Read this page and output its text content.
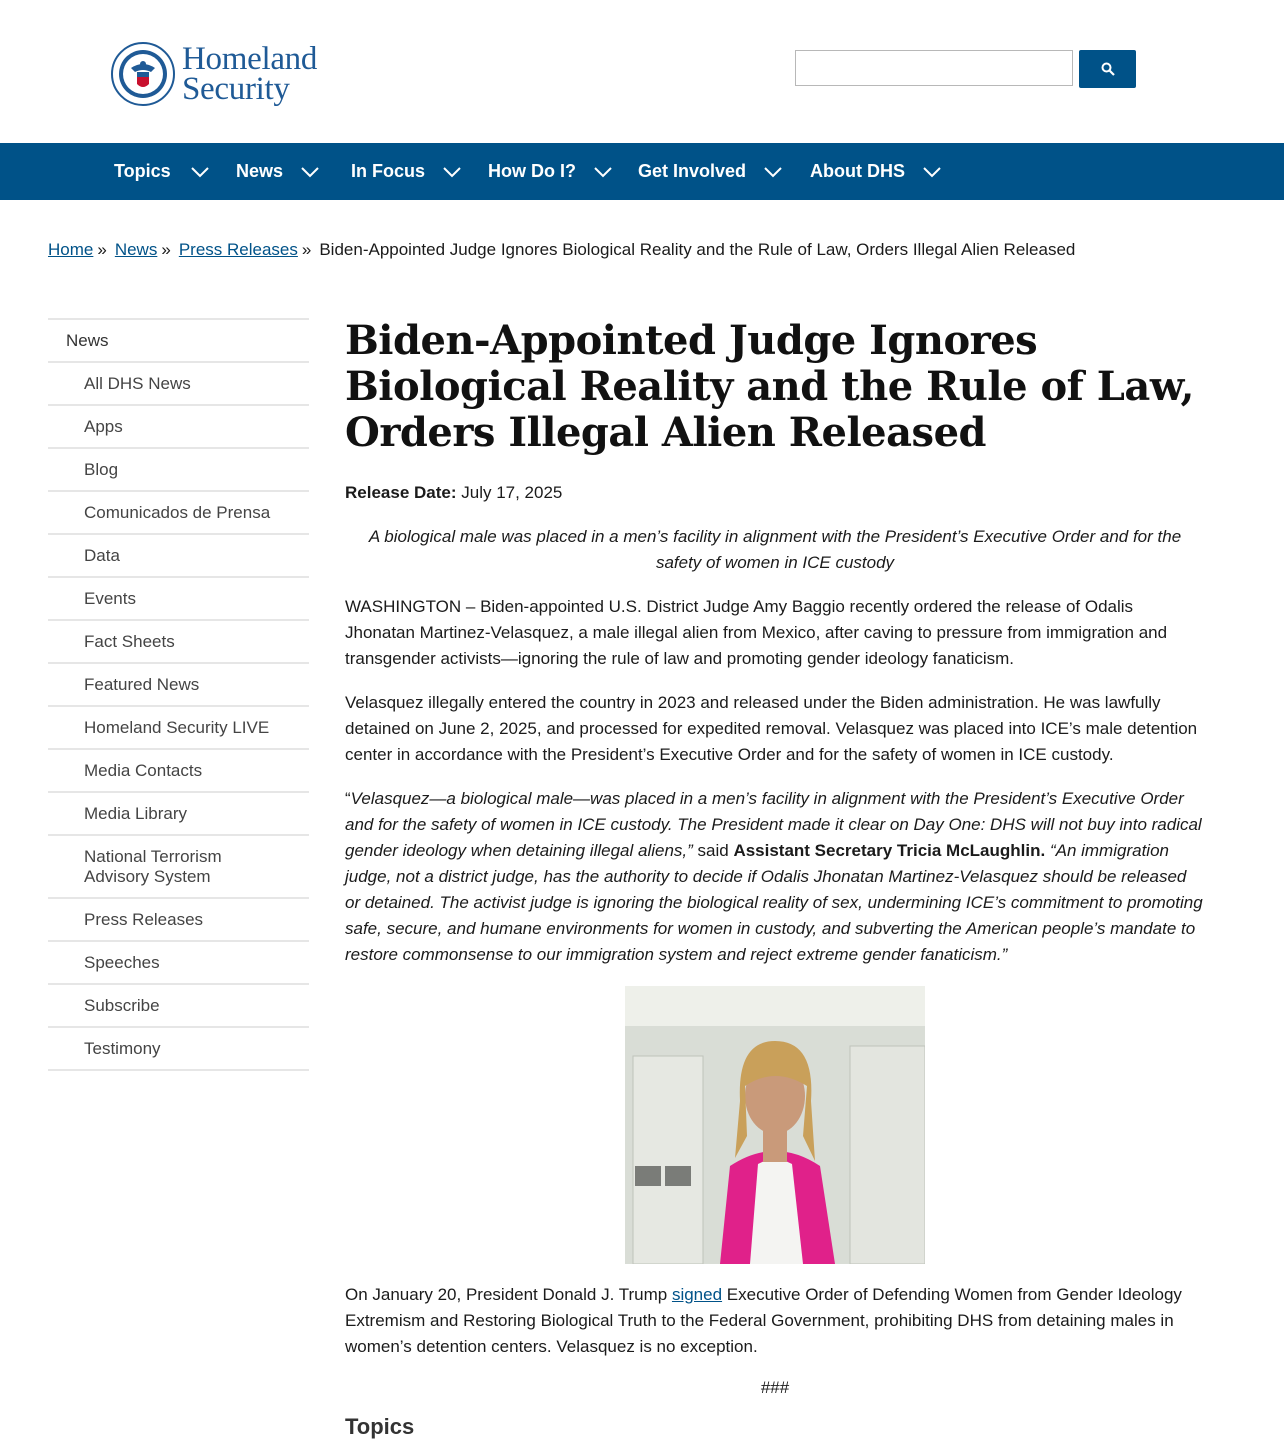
Homeland
Security
Topics	News	In Focus	How Do I?	Get Involved	About DHS
Home » News » Press Releases » Biden-Appointed Judge Ignores Biological Reality and the Rule of Law, Orders Illegal Alien Released
News
All DHS News
Apps
Blog
Comunicados de Prensa
Data
Events
Fact Sheets
Featured News
Homeland Security LIVE
Media Contacts
Media Library
National Terrorism Advisory System
Press Releases
Speeches
Subscribe
Testimony
Biden-Appointed Judge Ignores Biological Reality and the Rule of Law, Orders Illegal Alien Released
Release Date: July 17, 2025
A biological male was placed in a men’s facility in alignment with the President’s Executive Order and for the safety of women in ICE custody
WASHINGTON – Biden-appointed U.S. District Judge Amy Baggio recently ordered the release of Odalis Jhonatan Martinez-Velasquez, a male illegal alien from Mexico, after caving to pressure from immigration and transgender activists—ignoring the rule of law and promoting gender ideology fanaticism.
Velasquez illegally entered the country in 2023 and released under the Biden administration. He was lawfully detained on June 2, 2025, and processed for expedited removal. Velasquez was placed into ICE’s male detention center in accordance with the President’s Executive Order and for the safety of women in ICE custody.
“Velasquez—a biological male—was placed in a men’s facility in alignment with the President’s Executive Order and for the safety of women in ICE custody. The President made it clear on Day One: DHS will not buy into radical gender ideology when detaining illegal aliens,” said Assistant Secretary Tricia McLaughlin. “An immigration judge, not a district judge, has the authority to decide if Odalis Jhonatan Martinez-Velasquez should be released or detained. The activist judge is ignoring the biological reality of sex, undermining ICE’s commitment to promoting safe, secure, and humane environments for women in custody, and subverting the American people’s mandate to restore commonsense to our immigration system and reject extreme gender fanaticism.”
On January 20, President Donald J. Trump signed Executive Order of Defending Women from Gender Ideology Extremism and Restoring Biological Truth to the Federal Government, prohibiting DHS from detaining males in women’s detention centers. Velasquez is no exception.
###
Topics
